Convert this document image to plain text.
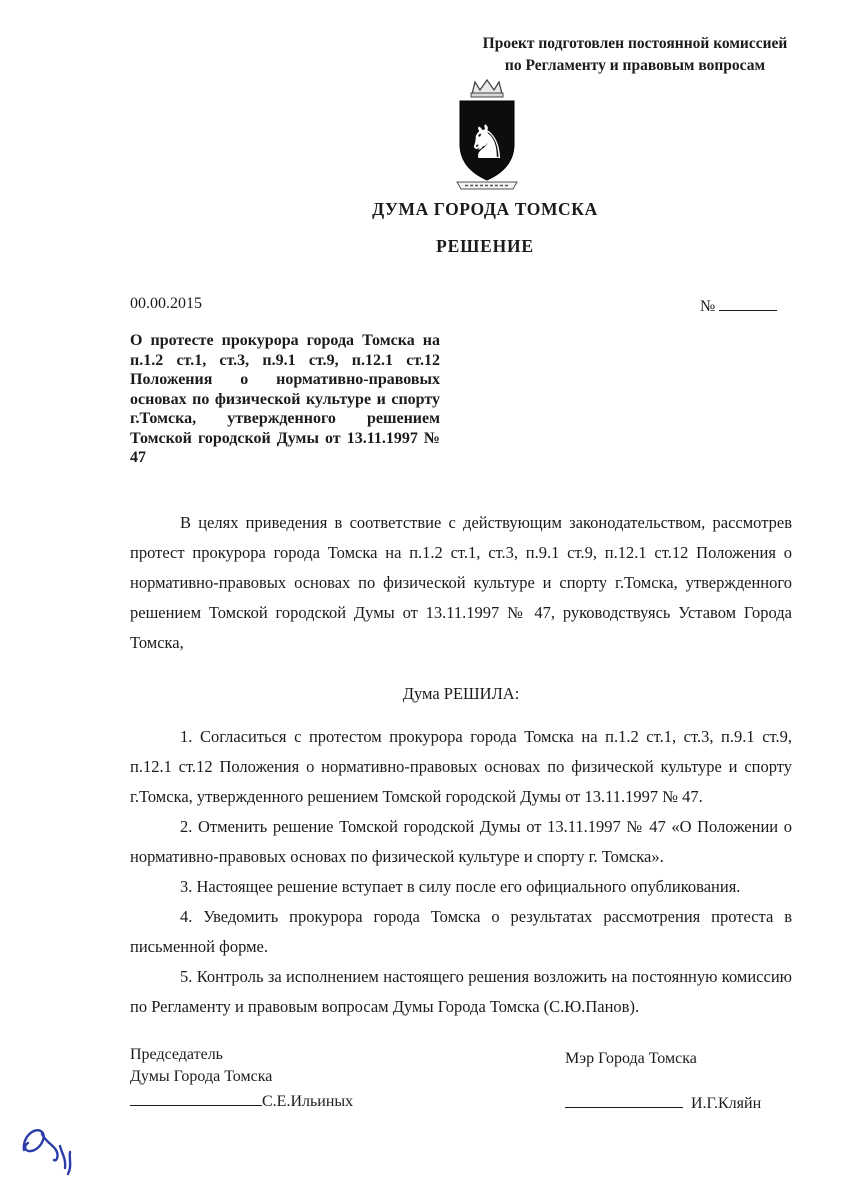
Проект подготовлен постоянной комиссией
по Регламенту и правовым вопросам
♞
ДУМА ГОРОДА ТОМСКА
РЕШЕНИЕ
00.00.2015	№
О протесте прокурора города Томска на п.1.2 ст.1, ст.3, п.9.1 ст.9, п.12.1 ст.12 Положения о нормативно-правовых основах по физической культуре и спорту г.Томска, утвержденного решением Томской городской Думы от 13.11.1997 № 47
В целях приведения в соответствие с действующим законодательством, рассмотрев протест прокурора города Томска на п.1.2 ст.1, ст.3, п.9.1 ст.9, п.12.1 ст.12 Положения о нормативно-правовых основах по физической культуре и спорту г.Томска, утвержденного решением Томской городской Думы от 13.11.1997 № 47, руководствуясь Уставом Города Томска,
Дума РЕШИЛА:

1. Согласиться с протестом прокурора города Томска на п.1.2 ст.1, ст.3, п.9.1 ст.9, п.12.1 ст.12 Положения о нормативно-правовых основах по физической культуре и спорту г.Томска, утвержденного решением Томской городской Думы от 13.11.1997 № 47.

2. Отменить решение Томской городской Думы от 13.11.1997 № 47 «О Положении о нормативно-правовых основах по физической культуре и спорту г. Томска».

3. Настоящее решение вступает в силу после его официального опубликования.

4. Уведомить прокурора города Томска о результатах рассмотрения протеста в письменной форме.

5. Контроль за исполнением настоящего решения возложить на постоянную комиссию по Регламенту и правовым вопросам Думы Города Томска (С.Ю.Панов).

Председатель
Думы Города Томска
С.Е.Ильиных
Мэр Города Томска
И.Г.Кляйн
